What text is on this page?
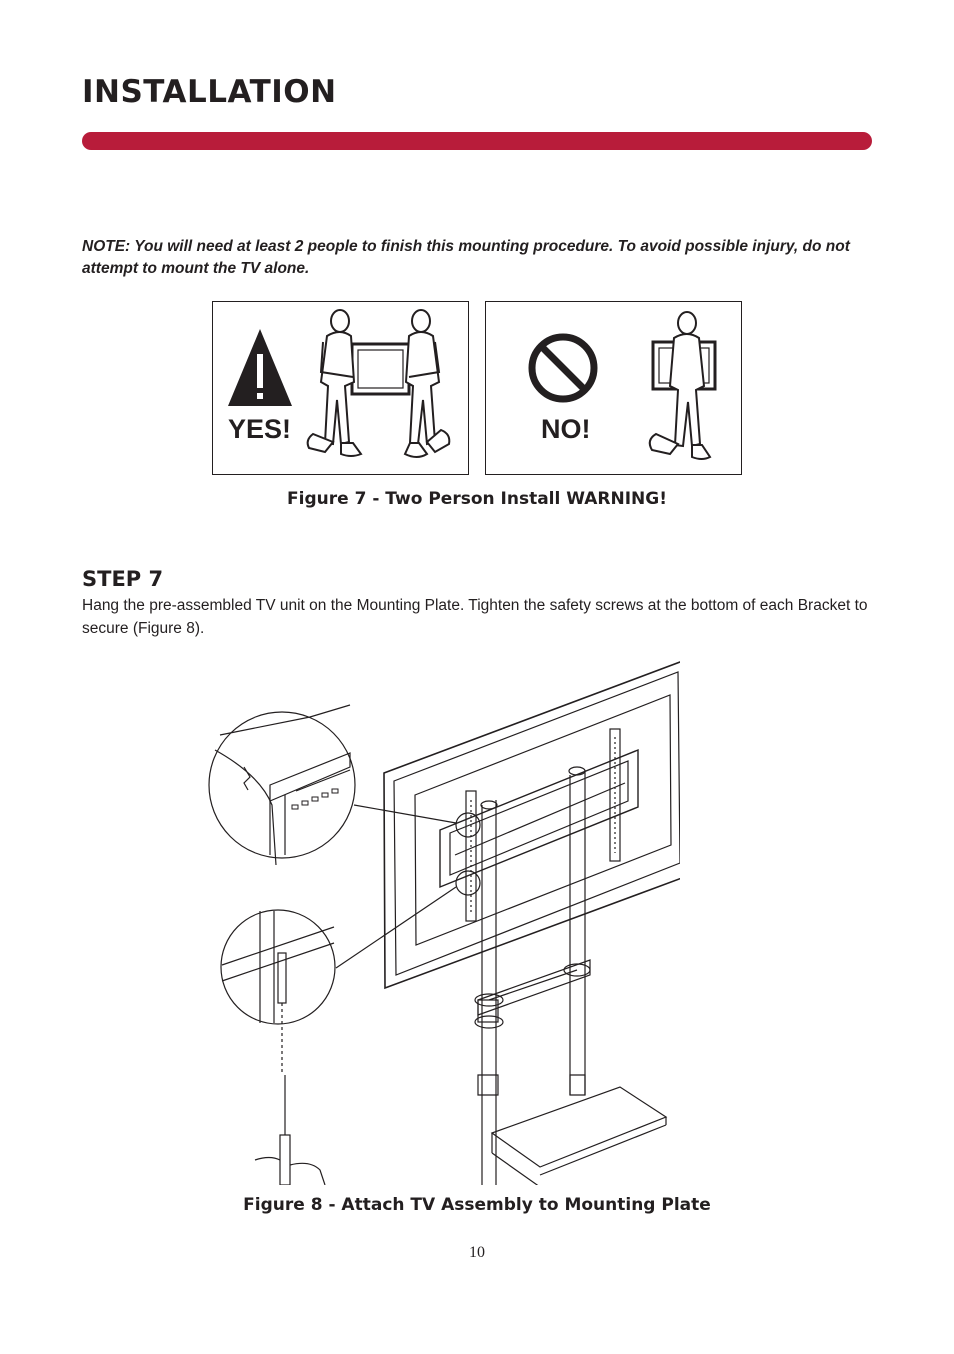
INSTALLATION

NOTE: You will need at least 2 people to finish this mounting procedure. To avoid possible injury, do not attempt to mount the TV alone.

YES!	NO!
Figure 7 - Two Person Install WARNING!
STEP 7

Hang the pre-assembled TV unit on the Mounting Plate. Tighten the safety screws at the bottom of each Bracket to secure (Figure 8).

Figure 8 - Attach TV Assembly to Mounting Plate
10
